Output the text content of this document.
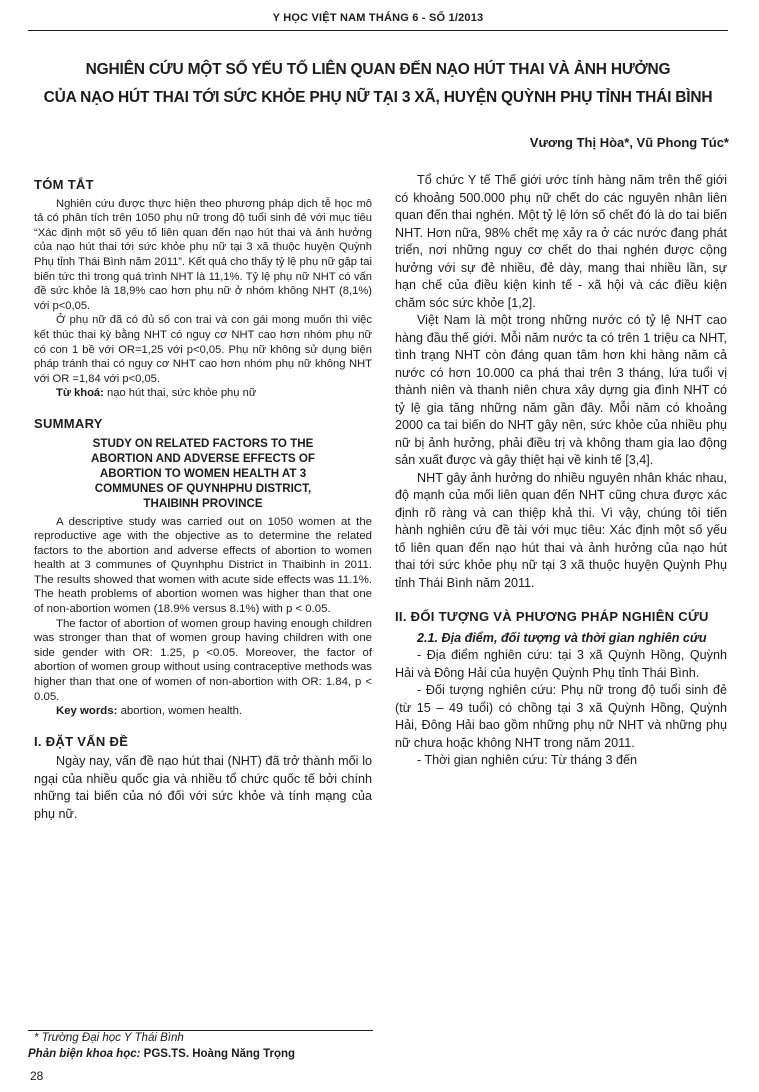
Y HỌC VIỆT NAM THÁNG 6 - SỐ 1/2013
NGHIÊN CỨU MỘT SỐ YẾU TỐ LIÊN QUAN ĐẾN NẠO HÚT THAI VÀ ẢNH HƯỞNG
CỦA NẠO HÚT THAI TỚI SỨC KHỎE PHỤ NỮ TẠI 3 XÃ, HUYỆN QUỲNH PHỤ TỈNH THÁI BÌNH
Vương Thị Hòa*, Vũ Phong Túc*
TÓM TẮT

Nghiên cứu được thực hiện theo phương pháp dịch tễ học mô tả có phân tích trên 1050 phụ nữ trong độ tuổi sinh đẻ với mục tiêu “Xác định một số yếu tố liên quan đến nạo hút thai và ảnh hưởng của nạo hút thai tới sức khỏe phụ nữ tại 3 xã thuộc huyện Quỳnh Phụ tỉnh Thái Bình năm 2011”. Kết quả cho thấy tỷ lệ phụ nữ gặp tai biến tức thì trong quá trình NHT là 11,1%. Tỷ lệ phụ nữ NHT có vấn đề sức khỏe là 18,9% cao hơn phụ nữ ở nhóm không NHT (8,1%) với p<0,05.

Ở phụ nữ đã có đủ số con trai và con gái mong muốn thì việc kết thúc thai kỳ bằng NHT có nguy cơ NHT cao hơn nhóm phụ nữ có con 1 bề với OR=1,25 với p<0,05. Phụ nữ không sử dụng biện pháp tránh thai có nguy cơ NHT cao hơn nhóm phụ nữ không NHT với OR =1,84 với p<0,05.

Từ khoá: nạo hút thai, sức khỏe phụ nữ

SUMMARY
STUDY ON RELATED FACTORS TO THE
ABORTION AND ADVERSE EFFECTS OF
ABORTION TO WOMEN HEALTH AT 3
COMMUNES OF QUYNHPHU DISTRICT,
THAIBINH PROVINCE

A descriptive study was carried out on 1050 women at the reproductive age with the objective as to determine the related factors to the abortion and adverse effects of abortion to women health at 3 communes of Quynhphu District in Thaibinh in 2011. The results showed that women with acute side effects was 11.1%. The heath problems of abortion women was higher than that one of non-abortion women (18.9% versus 8.1%) with p < 0.05.

The factor of abortion of women group having enough children was stronger than that of women group having children with one side gender with OR: 1.25, p <0.05. Moreover, the factor of abortion of women group without using contraceptive methods was higher than that one of women of non-abortion with OR: 1.84, p < 0.05.

Key words: abortion, women health.

I. ĐẶT VẤN ĐỀ

Ngày nay, vấn đề nạo hút thai (NHT) đã trở thành mối lo ngại của nhiều quốc gia và nhiều tổ chức quốc tế bởi chính những tai biến của nó đối với sức khỏe và tính mạng của phụ nữ.

Tổ chức Y tế Thế giới ước tính hàng năm trên thế giới có khoảng 500.000 phụ nữ chết do các nguyên nhân liên quan đến thai nghén. Một tỷ lệ lớn số chết đó là do tai biến NHT. Hơn nữa, 98% chết mẹ xảy ra ở các nước đang phát triển, nơi những nguy cơ chết do thai nghén được cộng hưởng với sự đẻ nhiều, đẻ dày, mang thai nhiều lần, sự hạn chế của điều kiện kinh tế - xã hội và các điều kiện chăm sóc sức khỏe [1,2].

Việt Nam là một trong những nước có tỷ lệ NHT cao hàng đầu thế giới. Mỗi năm nước ta có trên 1 triệu ca NHT, tình trạng NHT còn đáng quan tâm hơn khi hàng năm cả nước có hơn 10.000 ca phá thai trên 3 tháng, lứa tuổi vị thành niên và thanh niên chưa xây dựng gia đình NHT có tỷ lệ gia tăng những năm gần đây. Mỗi năm có khoảng 2000 ca tai biến do NHT gây nên, sức khỏe của nhiều phụ nữ bị ảnh hưởng, phải điều trị và không tham gia lao động sản xuất được và gây thiệt hại về kinh tế [3,4].

NHT gây ảnh hưởng do nhiều nguyên nhân khác nhau, độ mạnh của mối liên quan đến NHT cũng chưa được xác định rõ ràng và can thiệp khả thi. Vì vậy, chúng tôi tiến hành nghiên cứu đề tài với mục tiêu: Xác định một số yếu tố liên quan đến nạo hút thai và ảnh hưởng của nạo hút thai tới sức khỏe phụ nữ tại 3 xã thuộc huyện Quỳnh Phụ tỉnh Thái Bình năm 2011.

II. ĐỐI TƯỢNG VÀ PHƯƠNG PHÁP NGHIÊN CỨU

2.1. Địa điểm, đối tượng và thời gian nghiên cứu

- Địa điểm nghiên cứu: tại 3 xã Quỳnh Hồng, Quỳnh Hải và Đông Hải của huyện Quỳnh Phụ tỉnh Thái Bình.

- Đối tượng nghiên cứu: Phụ nữ trong độ tuổi sinh đẻ (từ 15 – 49 tuổi) có chồng tại 3 xã Quỳnh Hồng, Quỳnh Hải, Đông Hải bao gồm những phụ nữ NHT và những phụ nữ chưa hoặc không NHT trong năm 2011.

- Thời gian nghiên cứu: Từ tháng 3 đến

* Trường Đại học Y Thái Bình
Phản biện khoa học: PGS.TS. Hoàng Năng Trọng
28
